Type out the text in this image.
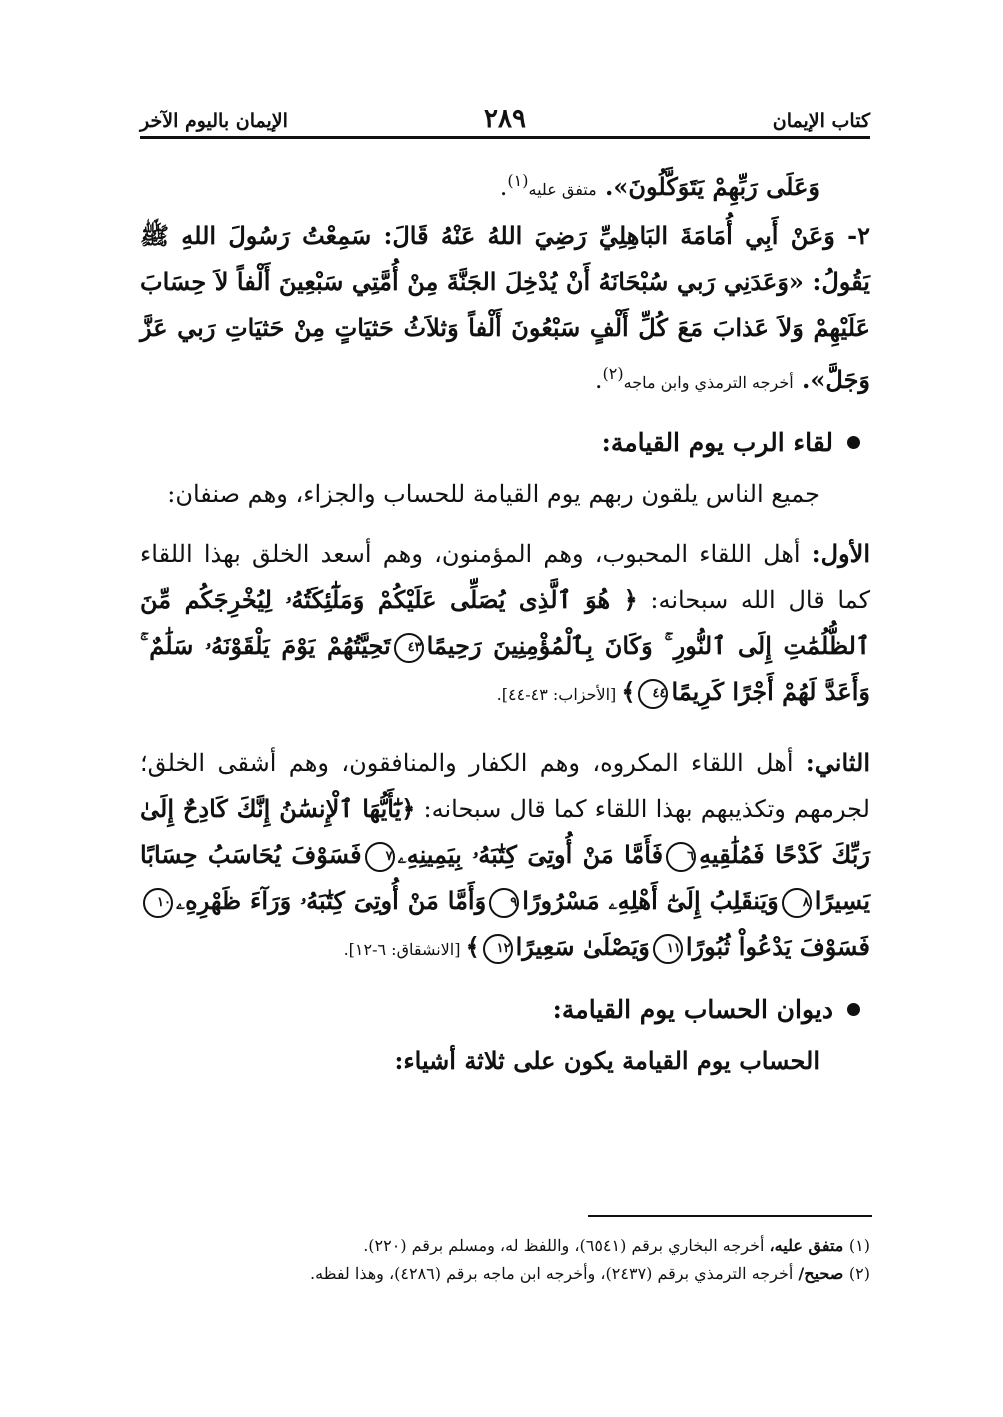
كتاب الإيمان
٢٨٩
الإيمان باليوم الآخر

وَعَلَى رَبِّهِمْ يَتَوَكَّلُونَ». متفق عليه$^{(١)}$.

٢- وَعَنْ أَبِي أُمَامَةَ البَاهِلِيِّ رَضِيَ اللهُ عَنْهُ قَالَ: سَمِعْتُ رَسُولَ اللهِ ﷺ يَقُولُ: «وَعَدَنِي رَبي سُبْحَانَهُ أَنْ يُدْخِلَ الجَنَّةَ مِنْ أُمَّتِي سَبْعِينَ أَلْفاً لاَ حِسَابَ عَلَيْهِمْ وَلاَ عَذابَ مَعَ كُلِّ أَلْفٍ سَبْعُونَ أَلْفاً وَثلاَثُ حَثيَاتٍ مِنْ حَثيَاتِ رَبي عَزَّ وَجَلَّ». أخرجه الترمذي وابن ماجه$^{(٢)}$.

لقاء الرب يوم القيامة:

جميع الناس يلقون ربهم يوم القيامة للحساب والجزاء، وهم صنفان:

الأول: أهل اللقاء المحبوب، وهم المؤمنون، وهم أسعد الخلق بهذا اللقاء كما قال الله سبحانه: ﴿ هُوَ ٱلَّذِى يُصَلِّى عَلَيْكُمْ وَمَلَٰٓئِكَتُهُۥ لِيُخْرِجَكُم مِّنَ ٱلظُّلُمَٰتِ إِلَى ٱلنُّورِ ۚ وَكَانَ بِٱلْمُؤْمِنِينَ رَحِيمًا٤٣تَحِيَّتُهُمْ يَوْمَ يَلْقَوْنَهُۥ سَلَٰمٌ ۚ وَأَعَدَّ لَهُمْ أَجْرًا كَرِيمًا٤٤﴾ [الأحزاب: ٤٣-٤٤].

الثاني: أهل اللقاء المكروه، وهم الكفار والمنافقون، وهم أشقى الخلق؛ لجرمهم وتكذيبهم بهذا اللقاء كما قال سبحانه: ﴿يَٰٓأَيُّهَا ٱلْإِنسَٰنُ إِنَّكَ كَادِحٌ إِلَىٰ رَبِّكَ كَدْحًا فَمُلَٰقِيهِ٦فَأَمَّا مَنْ أُوتِىَ كِتَٰبَهُۥ بِيَمِينِهِۦ٧فَسَوْفَ يُحَاسَبُ حِسَابًا يَسِيرًا٨وَيَنقَلِبُ إِلَىٰٓ أَهْلِهِۦ مَسْرُورًا٩وَأَمَّا مَنْ أُوتِىَ كِتَٰبَهُۥ وَرَآءَ ظَهْرِهِۦ١٠فَسَوْفَ يَدْعُواْ ثُبُورًا١١وَيَصْلَىٰ سَعِيرًا١٢﴾ [الانشقاق: ٦-١٢].

ديوان الحساب يوم القيامة:

الحساب يوم القيامة يكون على ثلاثة أشياء:

(١) متفق عليه، أخرجه البخاري برقم (٦٥٤١)، واللفظ له، ومسلم برقم (٢٢٠).

(٢) صحيح/ أخرجه الترمذي برقم (٢٤٣٧)، وأخرجه ابن ماجه برقم (٤٢٨٦)، وهذا لفظه.
